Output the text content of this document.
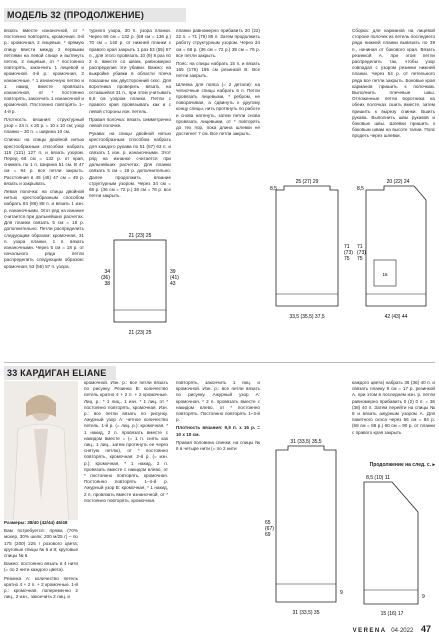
МОДЕЛЬ 32 (ПРОДОЛЖЕНИЕ)

вязать вместе изнаночной, от * постоянно повторять, кромочная. 3-й р.: кромочная, 2 лицевые, * прямую спицу ввести между 2 первыми петлями на левой спице и вытянуть петлю, 2 лицевые, от * постоянно повторять, закончить 1 лицевой и кромочной. 4-й р.: кромочная, 2 изнаночные, * 1 изнаночную петлю и 1 накид вместе провязать изнаночной, от * постоянно повторять, закончить 1 изнаночной и кромочной. Постоянно повторять 1–4-й р.

Плотность вязания: структурный узор = 24 п. x 20 р. = 10 x 10 см; узор планки – 30 п. = ширина 10 см.

Спинка: на спицы двойной нитью крестообразным способом набрать 115 (121) 127 п. и вязать узором. Перед 66 см = 132 р. от края, снимать по 1 п. Ширина 51 см. В 47 см = 94 р. все петли закрыть. Расстояния в 45 (46) 47 см = 49 р. вязать и закрывать.

Левая полочка: на спицы двойной нитью крестообразным способом набрать 84 (86) 88 п. и вязать 1 изн. р. изнаночными. Этот ряд на изнанке считается при дальнейших расчетах. Для планки связать 5 см = 18 р. дополнительно. Петли распределить следующим образом: кромочная, 31 п. узора планки, 1 п. вязать изнаночными. Через 5 см = 18 р. от начального ряда петли распределить следующим образом: кромочная, 53 (55) 57 п. узора.

турного узора, 30 п. узора планки. Через 66 см = 132 р. (68 см = 136 р.) 70 см = 140 р. от нижней планки с правого края закрыть 1 раз 53 (55) 57 п., для этого провязать 10 (9) 8 раз по 2 п. вместе со швом, равномерно распределив эти убавки. Важно: на выкройке убавки в области плеча показаны как двусторонний скос. Для воротника проверить вязать на оставшейся 31 п., при этом учитывать 8,5 см узором планки. Петли с правого края провязывать как и с левой стороны изн. петель.

Правая полочка: вязать симметрично левой полочке.

Рукава: на спицы двойной нитью крестообразным способом набрать для каждого рукава по 51 (57) 63 п. и связать 1 изн. р. изнаночными. Этот ряд на изнанке считается при дальнейших расчетах. Для планки связать 5 см = 18 р. дополнительно. Далее продолжить вязание структурным узором. Через 34 см = 68 р. (36 см = 72 р.) 38 см = 76 р. все петли закрыть.

планки равномерно прибавить 20 (22) 22 п. = 71 (79) 85 п. Затем продолжить работу структурным узором. Через 34 см = 68 р. (36 см = 72 р.) 38 см = 76 р. все петли закрыть.

Пояс: на спицы набрать 15 п. и вязать 165 (175) 185 см резинкой В. Все петли закрыть.

Шлевка для пояса (= 2 детали): на челночные спицы набрать 6 п. Петли провязать лицевыми, * ребром, не поворачивая, а сдвинуть к другому концу спицы, нить протянуть по работе и снова натянуть, затем петли снова провязать лицевыми, от * повторять до тех пор, пока длина шлевки не достигнет 7 см. Все петли закрыть.

Сборка: для карманов на лицевой стороне полочек из петель последнего ряда нижней планки вывязать по 39 п., начиная от бокового края. Вязать резинкой А, при этом петли распределить так, чтобы узор совпадал с узором резинки нижней планки. Через 54 р. от петельного ряда все петли закрыть. Боковые края карманов пришить к полочкам. Выполнить плечевые швы. Отложенные петли воротника на обеих полочках сшить вместе, затем пришить к вырезу спинки. Вшить рукава. Выполнить швы рукавов и боковые швы. Шлевки пришить к боковым швам на высоте талии. Пояс продеть через шлевки.

21 (23) 25
21 (23) 25
34
(36)
38
39
(41)
43
25 (27) 29
8,5
33,5 (35,5) 37,5
71
(73)
75
20 (22) 24
8,5
42 (43) 44
71
(73)
75
16
33 КАРДИГАН ELIANE

Размеры: 38/40 (42/44) 46/48

Вам потребуется: пряжа (70% мохер, 30% шелк; 200 м/25 г) – по 175 (200) 225 г розового цвета; круговые спицы № 6 и 8; круговые спицы № 6.

Важно: постоянно вязать в 4 нити (= по 2 нити каждого цвета).

Резинка А: количество петель кратно 4 + 2 п. + 2 кромочные. 1-й р.: кромочная, попеременно 2 лиц., 2 изн., закончить 2 лиц. и

кромочной. Изн. р.: все петли вязать по рисунку. Резинка В: количество петель кратно 4 + 2 п. + 2 кромочные. Лиц. р.: * 1 лиц., 1 изн. * 1 лиц. от * постоянно повторять, кромочная. Изн. р.: все петли вязать по рисунку. Ажурный узор А: четное количество петель. 1-й р. (= лиц. р.): кромочная, * 1 накид, 2 п. провязать вместе с накидом вместе = (= 1 п. снять как лиц., 1 лиц., затем протянуть ее через снятую петлю), от * постоянно повторять, кромочная. 2-й р. (= изн. р.): кромочная, * 1 накид, 2 п. провязать вместе с накидом влево, от * постоянно повторять, кромочная. Постоянно повторять 1–4-й р. Ажурный узор В: кромочная, * 1 накид, 2 п. провязать вместе изнаночной, от * постоянно повторять, кромочная.

повторять, закончить 1 лиц. и кромочной. Изн. р.: все петли вязать по рисунку. Ажурный узор А: кромочная, * 2 п. провязать вместе с накидом влево, от * постоянно повторять. Постоянно повторять 1–4-й р.

Плотность вязания: 9,5 п. x 15 р. = 10 x 10 см.

Правая половина спинки: на спицы № 6 в четыре нити (= по 2 нити

каждого цвета) набрать 36 (36) 40 п. и связать планку 9 см = 17 р. резинкой А, при этом в последнем изн. р. петли равномерно прибавить 0 (2) 0 п. = 36 (38) 40 п. Затем перейти на спицы № 8 и вязать ажурным узором А. Для пакетного скоса через 56 см = 84 р. (58 см = 88 р.) 60 см = 90 р. от планки с правого края закрыть

Продолжение на след. с. ▸
31 (33,5) 35,5
31 (33,5) 35
65
(67)
69
9
8,5 (10) 11
15 (16) 17
9
VERENA 04·2022 47
